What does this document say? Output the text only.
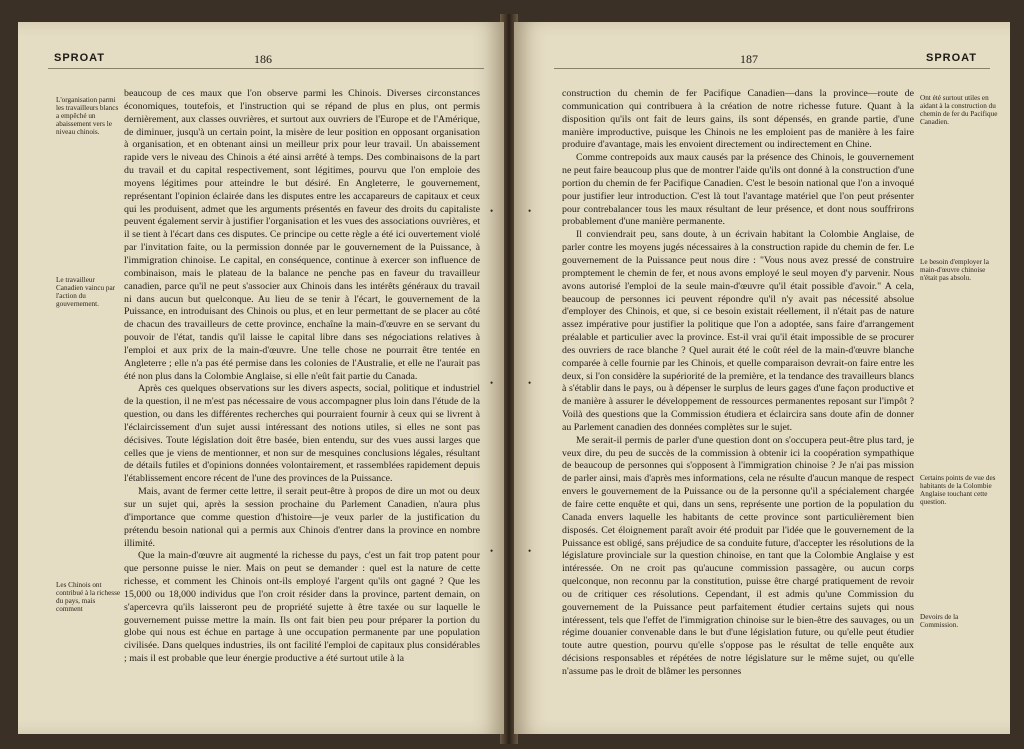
SPROAT	186
L'organisation parmi les travailleurs blancs a empêché un abaissement vers le niveau chinois.
Le travailleur Canadien vaincu par l'action du gouvernement.
Les Chinois ont contribué à la richesse du pays, mais comment

beaucoup de ces maux que l'on observe parmi les Chinois. Diverses circonstances économiques, toutefois, et l'instruction qui se répand de plus en plus, ont permis dernièrement, aux classes ouvrières, et surtout aux ouvriers de l'Europe et de l'Amérique, de diminuer, jusqu'à un certain point, la misère de leur position en opposant organisation à organisation, et en obtenant ainsi un meilleur prix pour leur travail. Un abaissement rapide vers le niveau des Chinois a été ainsi arrêté à temps. Des combinaisons de la part du travail et du capital respectivement, sont légitimes, pourvu que l'on emploie des moyens légitimes pour atteindre le but désiré. En Angleterre, le gouvernement, représentant l'opinion éclairée dans les disputes entre les accapareurs de capitaux et ceux qui les produisent, admet que les arguments présentés en faveur des droits du capitaliste peuvent également servir à justifier l'organisation et les vues des associations ouvrières, et il se tient à l'écart dans ces disputes. Ce principe ou cette règle a été ici ouvertement violé par l'invitation faite, ou la permission donnée par le gouvernement de la Puissance, à l'immigration chinoise. Le capital, en conséquence, continue à exercer son influence de combinaison, mais le plateau de la balance ne penche pas en faveur du travailleur canadien, parce qu'il ne peut s'associer aux Chinois dans les intérêts généraux du travail ni dans aucun but quelconque. Au lieu de se tenir à l'écart, le gouvernement de la Puissance, en introduisant des Chinois ou plus, et en leur permettant de se placer au côté de chacun des travailleurs de cette province, enchaîne la main-d'œuvre en se servant du pouvoir de l'état, tandis qu'il laisse le capital libre dans ses négociations relatives à l'emploi et aux prix de la main-d'œuvre. Une telle chose ne pourrait être tentée en Angleterre ; elle n'a pas été permise dans les colonies de l'Australie, et elle ne l'aurait pas été non plus dans la Colombie Anglaise, si elle n'eût fait partie du Canada.

Après ces quelques observations sur les divers aspects, social, politique et industriel de la question, il ne m'est pas nécessaire de vous accompagner plus loin dans l'étude de la question, ou dans les différentes recherches qui pourraient fournir à ceux qui se livrent à l'éclaircissement d'un sujet aussi intéressant des notions utiles, si elles ne sont pas décisives. Toute législation doit être basée, bien entendu, sur des vues aussi larges que celles que je viens de mentionner, et non sur de mesquines conclusions légales, résultant de détails futiles et d'opinions données volontairement, et rassemblées rapidement depuis l'établissement encore récent de l'une des provinces de la Puissance.

Mais, avant de fermer cette lettre, il serait peut-être à propos de dire un mot ou deux sur un sujet qui, après la session prochaine du Parlement Canadien, n'aura plus d'importance que comme question d'histoire—je veux parler de la justification du prétendu besoin national qui a permis aux Chinois d'entrer dans la province en nombre illimité.

Que la main-d'œuvre ait augmenté la richesse du pays, c'est un fait trop patent pour que personne puisse le nier. Mais on peut se demander : quel est la nature de cette richesse, et comment les Chinois ont-ils employé l'argent qu'ils ont gagné ? Que les 15,000 ou 18,000 individus que l'on croit résider dans la province, partent demain, on s'apercevra qu'ils laisseront peu de propriété sujette à être taxée ou sur laquelle le gouvernement puisse mettre la main. Ils ont fait bien peu pour préparer la portion du globe qui nous est échue en partage à une occupation permanente par une population civilisée. Dans quelques industries, ils ont facilité l'emploi de capitaux plus considérables ; mais il est probable que leur énergie productive a été surtout utile à la

•
•
•
187	SPROAT

construction du chemin de fer Pacifique Canadien—dans la province—route de communication qui contribuera à la création de notre richesse future. Quant à la disposition qu'ils ont fait de leurs gains, ils sont dépensés, en grande partie, d'une manière improductive, puisque les Chinois ne les emploient pas de manière à les faire produire d'avantage, mais les envoient directement ou indirectement en Chine.

Comme contrepoids aux maux causés par la présence des Chinois, le gouvernement ne peut faire beaucoup plus que de montrer l'aide qu'ils ont donné à la construction d'une portion du chemin de fer Pacifique Canadien. C'est le besoin national que l'on a invoqué pour justifier leur introduction. C'est là tout l'avantage matériel que l'on peut présenter pour contrebalancer tous les maux résultant de leur présence, et dont nous souffrirons probablement d'une manière permanente.

Il conviendrait peu, sans doute, à un écrivain habitant la Colombie Anglaise, de parler contre les moyens jugés nécessaires à la construction rapide du chemin de fer. Le gouvernement de la Puissance peut nous dire : "Vous nous avez pressé de construire promptement le chemin de fer, et nous avons employé le seul moyen d'y parvenir. Nous avons autorisé l'emploi de la seule main-d'œuvre qu'il était possible d'avoir." A cela, beaucoup de personnes ici peuvent répondre qu'il n'y avait pas nécessité absolue d'employer des Chinois, et que, si ce besoin existait réellement, il n'était pas de nature assez impérative pour justifier la politique que l'on a adoptée, sans faire d'arrangement préalable et particulier avec la province. Est-il vrai qu'il était impossible de se procurer des ouvriers de race blanche ? Quel aurait été le coût réel de la main-d'œuvre blanche comparée à celle fournie par les Chinois, et quelle comparaison devrait-on faire entre les deux, si l'on considère la supériorité de la première, et la tendance des travailleurs blancs à s'établir dans le pays, ou à dépenser le surplus de leurs gages d'une façon productive et de manière à assurer le développement de ressources permanentes reposant sur l'impôt ? Voilà des questions que la Commission étudiera et éclaircira sans doute afin de donner au Parlement canadien des données complètes sur le sujet.

Me serait-il permis de parler d'une question dont on s'occupera peut-être plus tard, je veux dire, du peu de succès de la commission à obtenir ici la coopération sympathique de beaucoup de personnes qui s'opposent à l'immigration chinoise ? Je n'ai pas mission de parler ainsi, mais d'après mes informations, cela ne résulte d'aucun manque de respect envers le gouvernement de la Puissance ou de la personne qu'il a spécialement chargée de faire cette enquête et qui, dans un sens, représente une portion de la population du Canada envers laquelle les habitants de cette province sont particulièrement bien disposés. Cet éloignement paraît avoir été produit par l'idée que le gouvernement de la Puissance est obligé, sans préjudice de sa conduite future, d'accepter les résolutions de la législature provinciale sur la question chinoise, en tant que la Colombie Anglaise y est intéressée. On ne croit pas qu'aucune commission passagère, ou aucun corps quelconque, non reconnu par la constitution, puisse être chargé pratiquement de revoir ou de critiquer ces résolutions. Cependant, il est admis qu'une Commission du gouvernement de la Puissance peut parfaitement étudier certains sujets qui nous intéressent, tels que l'effet de l'immigration chinoise sur le bien-être des sauvages, ou un régime douanier convenable dans le but d'une législation future, ou qu'elle peut étudier toute autre question, pourvu qu'elle s'oppose pas le résultat de telle enquête aux décisions responsables et répétées de notre législature sur le même sujet, ou qu'elle n'assume pas le droit de blâmer les personnes

Ont été surtout utiles en aidant à la construction du chemin de fer du Pacifique Canadien.
Le besoin d'employer la main-d'œuvre chinoise n'était pas absolu.
Certains points de vue des habitants de la Colombie Anglaise touchant cette question.
Devoirs de la Commission.
•
•
•
